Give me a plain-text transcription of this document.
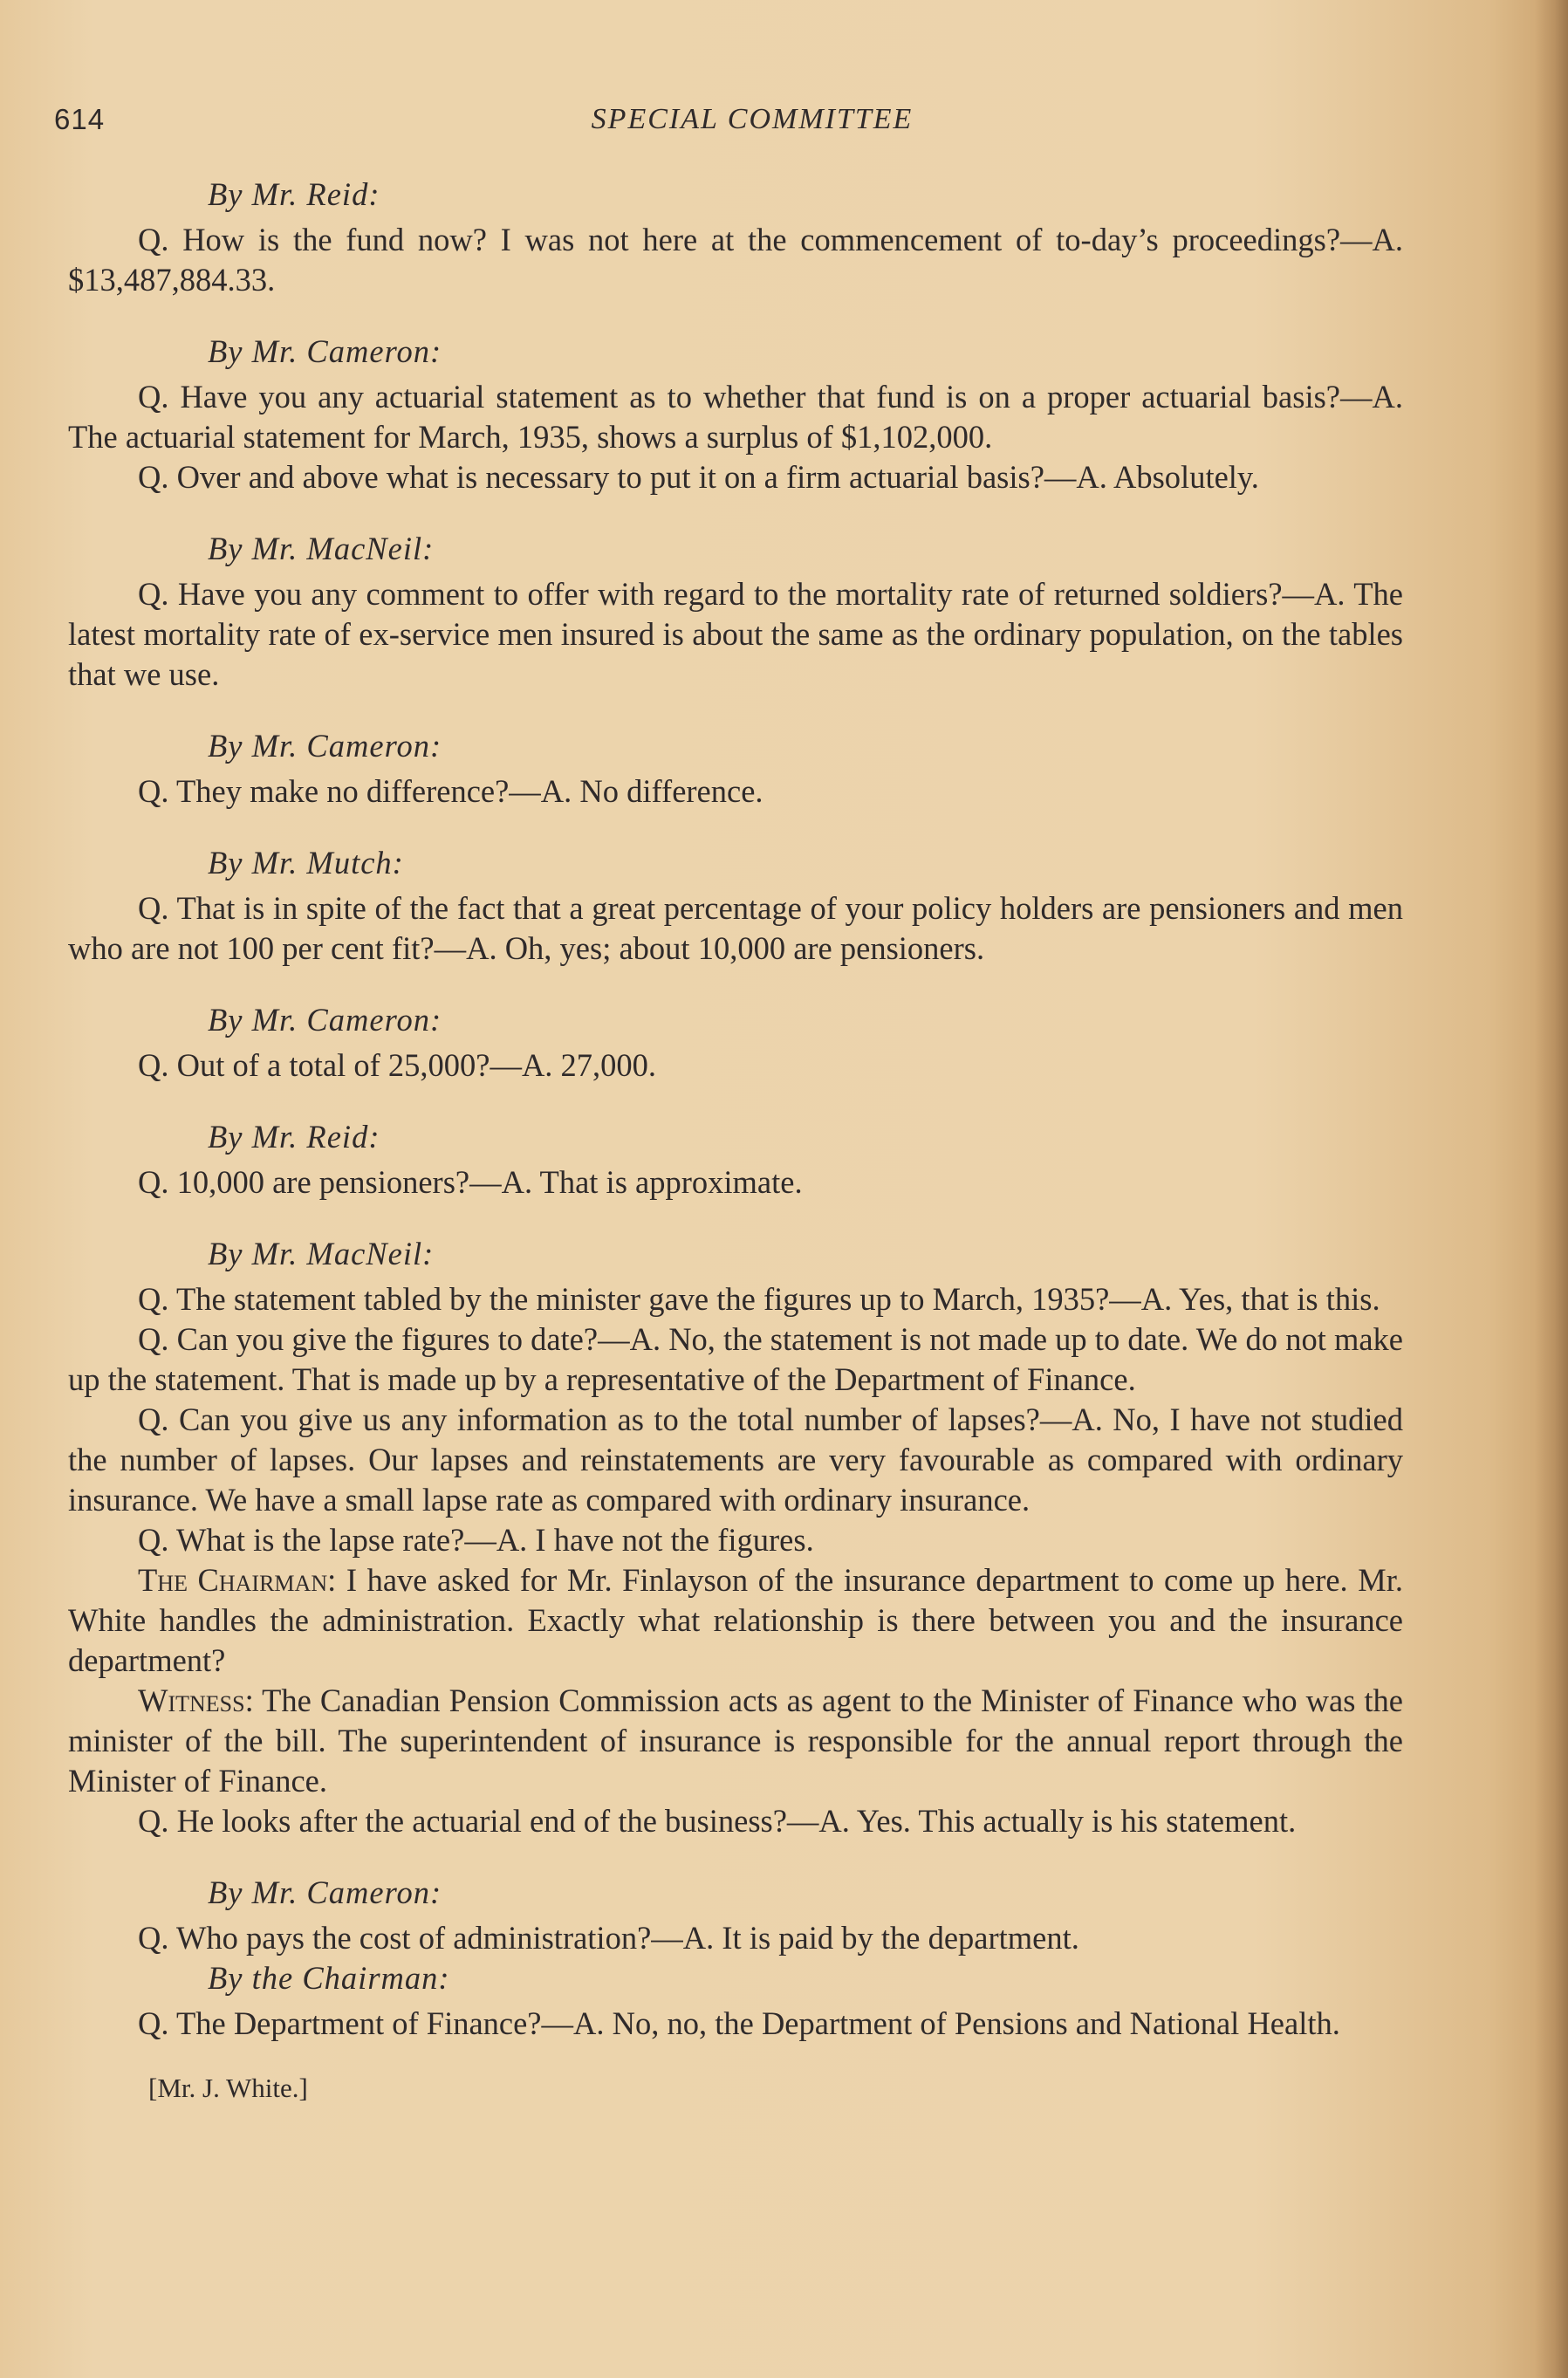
614	SPECIAL COMMITTEE

By Mr. Reid:

Q. How is the fund now? I was not here at the commencement of to-day’s proceedings?—A. $13,487,884.33.

By Mr. Cameron:

Q. Have you any actuarial statement as to whether that fund is on a proper actuarial basis?—A. The actuarial statement for March, 1935, shows a surplus of $1,102,000.

Q. Over and above what is necessary to put it on a firm actuarial basis?—A. Absolutely.

By Mr. MacNeil:

Q. Have you any comment to offer with regard to the mortality rate of returned soldiers?—A. The latest mortality rate of ex-service men insured is about the same as the ordinary population, on the tables that we use.

By Mr. Cameron:

Q. They make no difference?—A. No difference.

By Mr. Mutch:

Q. That is in spite of the fact that a great percentage of your policy holders are pensioners and men who are not 100 per cent fit?—A. Oh, yes; about 10,000 are pensioners.

By Mr. Cameron:

Q. Out of a total of 25,000?—A. 27,000.

By Mr. Reid:

Q. 10,000 are pensioners?—A. That is approximate.

By Mr. MacNeil:

Q. The statement tabled by the minister gave the figures up to March, 1935?—A. Yes, that is this.

Q. Can you give the figures to date?—A. No, the statement is not made up to date. We do not make up the statement. That is made up by a representative of the Department of Finance.

Q. Can you give us any information as to the total number of lapses?—A. No, I have not studied the number of lapses. Our lapses and reinstatements are very favourable as compared with ordinary insurance. We have a small lapse rate as compared with ordinary insurance.

Q. What is the lapse rate?—A. I have not the figures.

The Chairman: I have asked for Mr. Finlayson of the insurance department to come up here. Mr. White handles the administration. Exactly what relationship is there between you and the insurance department?

Witness: The Canadian Pension Commission acts as agent to the Minister of Finance who was the minister of the bill. The superintendent of insurance is responsible for the annual report through the Minister of Finance.

Q. He looks after the actuarial end of the business?—A. Yes. This actually is his statement.

By Mr. Cameron:

Q. Who pays the cost of administration?—A. It is paid by the department.

By the Chairman:

Q. The Department of Finance?—A. No, no, the Department of Pensions and National Health.

[Mr. J. White.]
